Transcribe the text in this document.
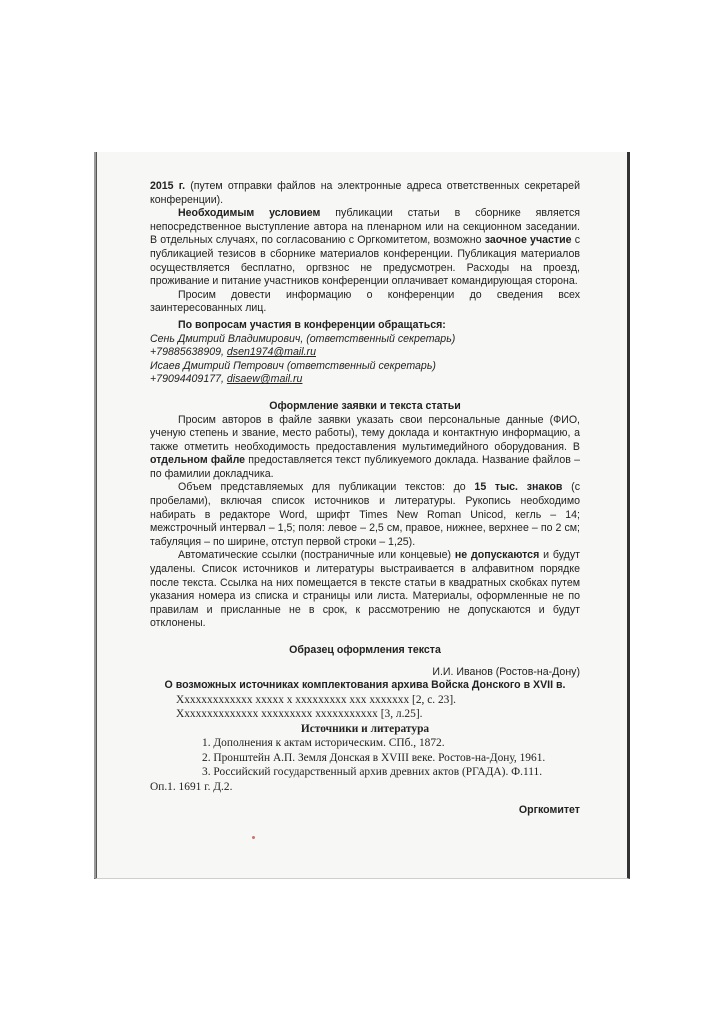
2015 г. (путем отправки файлов на электронные адреса ответственных секретарей конференции).

Необходимым условием публикации статьи в сборнике является непосредственное выступление автора на пленарном или на секционном заседании. В отдельных случаях, по согласованию с Оргкомитетом, возможно заочное участие с публикацией тезисов в сборнике материалов конференции. Публикация материалов осуществляется бесплатно, оргвзнос не предусмотрен. Расходы на проезд, проживание и питание участников конференции оплачивает командирующая сторона.

Просим довести информацию о конференции до сведения всех заинтересованных лиц.

По вопросам участия в конференции обращаться:

Сень Дмитрий Владимирович, (ответственный секретарь)

+79885638909, dsen1974@mail.ru

Исаев Дмитрий Петрович (ответственный секретарь)

+79094409177, disaew@mail.ru

Оформление заявки и текста статьи

Просим авторов в файле заявки указать свои персональные данные (ФИО, ученую степень и звание, место работы), тему доклада и контактную информацию, а также отметить необходимость предоставления мультимедийного оборудования. В отдельном файле предоставляется текст публикуемого доклада. Название файлов – по фамилии докладчика.

Объем представляемых для публикации текстов: до 15 тыс. знаков (с пробелами), включая список источников и литературы. Рукопись необходимо набирать в редакторе Word, шрифт Times New Roman Unicod, кегль – 14; межстрочный интервал – 1,5; поля: левое – 2,5 см, правое, нижнее, верхнее – по 2 см; табуляция – по ширине, отступ первой строки – 1,25).

Автоматические ссылки (постраничные или концевые) не допускаются и будут удалены. Список источников и литературы выстраивается в алфавитном порядке после текста. Ссылка на них помещается в тексте статьи в квадратных скобках путем указания номера из списка и страницы или листа. Материалы, оформленные не по правилам и присланные не в срок, к рассмотрению не допускаются и будут отклонены.

Образец оформления текста

И.И. Иванов (Ростов-на-Дону)

О возможных источниках комплектования архива Войска Донского в XVII в.

Ххххххххххххх ххххх х ххххххххх ххх ххххххх [2, с. 23].

Хххххххххххххх ххххххххх ххххххххххх [3, л.25].

Источники и литература

1. Дополнения к актам историческим. СПб., 1872.

2. Пронштейн А.П. Земля Донская в XVIII веке. Ростов-на-Дону, 1961.

3. Российский государственный архив древних актов (РГАДА). Ф.111.

Оп.1. 1691 г. Д.2.

Оргкомитет
